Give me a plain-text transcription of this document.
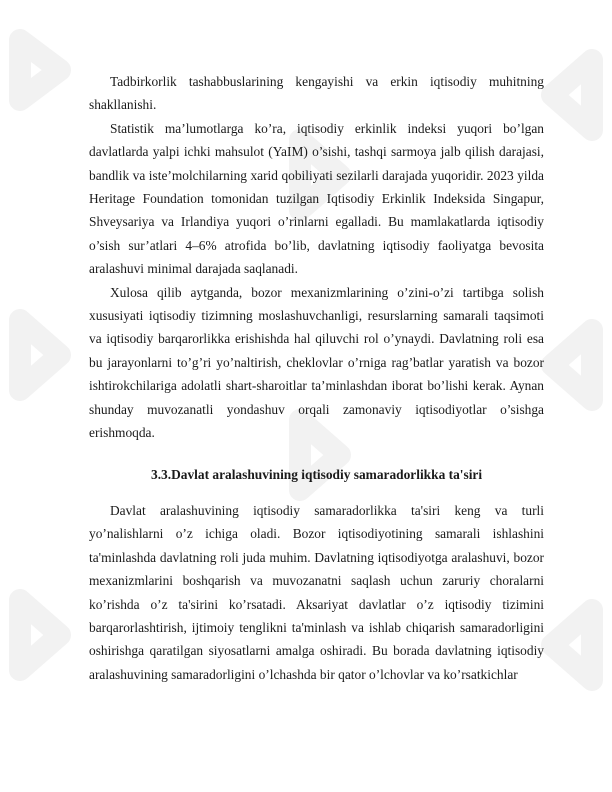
Tadbirkorlik tashabbuslarining kengayishi va erkin iqtisodiy muhitning shakllanishi.

Statistik ma’lumotlarga ko’ra, iqtisodiy erkinlik indeksi yuqori bo’lgan davlatlarda yalpi ichki mahsulot (YaIM) o’sishi, tashqi sarmoya jalb qilish darajasi, bandlik va iste’molchilarning xarid qobiliyati sezilarli darajada yuqoridir. 2023 yilda Heritage Foundation tomonidan tuzilgan Iqtisodiy Erkinlik Indeksida Singapur, Shveysariya va Irlandiya yuqori o’rinlarni egalladi. Bu mamlakatlarda iqtisodiy o’sish sur’atlari 4–6% atrofida bo’lib, davlatning iqtisodiy faoliyatga bevosita aralashuvi minimal darajada saqlanadi.

Xulosa qilib aytganda, bozor mexanizmlarining o’zini-o’zi tartibga solish xususiyati iqtisodiy tizimning moslashuvchanligi, resurslarning samarali taqsimoti va iqtisodiy barqarorlikka erishishda hal qiluvchi rol o’ynaydi. Davlatning roli esa bu jarayonlarni to’g’ri yo’naltirish, cheklovlar o’rniga rag’batlar yaratish va bozor ishtirokchilariga adolatli shart-sharoitlar ta’minlashdan iborat bo’lishi kerak. Aynan shunday muvozanatli yondashuv orqali zamonaviy iqtisodiyotlar o’sishga erishmoqda.

3.3.Davlat aralashuvining iqtisodiy samaradorlikka ta'siri

Davlat aralashuvining iqtisodiy samaradorlikka ta'siri keng va turli yo’nalishlarni o’z ichiga oladi. Bozor iqtisodiyotining samarali ishlashini ta'minlashda davlatning roli juda muhim. Davlatning iqtisodiyotga aralashuvi, bozor mexanizmlarini boshqarish va muvozanatni saqlash uchun zaruriy choralarni ko’rishda o’z ta'sirini ko’rsatadi. Aksariyat davlatlar o’z iqtisodiy tizimini barqarorlashtirish, ijtimoiy tenglikni ta'minlash va ishlab chiqarish samaradorligini oshirishga qaratilgan siyosatlarni amalga oshiradi. Bu borada davlatning iqtisodiy aralashuvining samaradorligini o’lchashda bir qator o’lchovlar va ko’rsatkichlar
